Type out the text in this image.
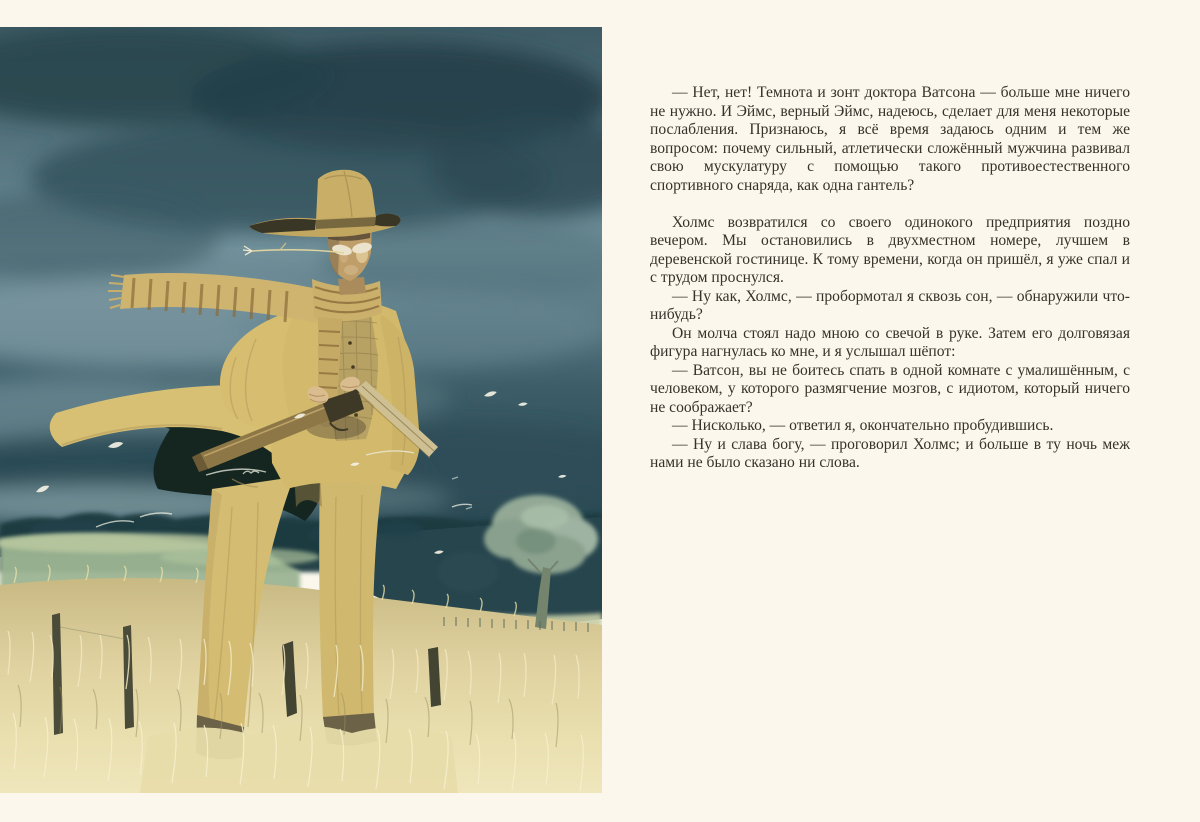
— Нет, нет! Темнота и зонт доктора Ватсона — больше мне ничего не нужно. И Эймс, верный Эймс, надеюсь, сделает для меня некоторые послабления. Признаюсь, я всё время задаюсь одним и тем же вопросом: почему сильный, атлетически сложённый мужчина развивал свою мускулатуру с помощью такого противоестественного спортивного снаряда, как одна гантель?

Холмс возвратился со своего одинокого предприятия поздно вечером. Мы остановились в двухместном номере, лучшем в деревенской гостинице. К тому времени, когда он пришёл, я уже спал и с трудом проснулся.

— Ну как, Холмс, — пробормотал я сквозь сон, — обнаружили что-нибудь?

Он молча стоял надо мною со свечой в руке. Затем его долговязая фигура нагнулась ко мне, и я услышал шёпот:

— Ватсон, вы не боитесь спать в одной комнате с умалишённым, с человеком, у которого размягчение мозгов, с идиотом, который ничего не соображает?

— Нисколько, — ответил я, окончательно пробудившись.

— Ну и слава богу, — проговорил Холмс; и больше в ту ночь меж нами не было сказано ни слова.
